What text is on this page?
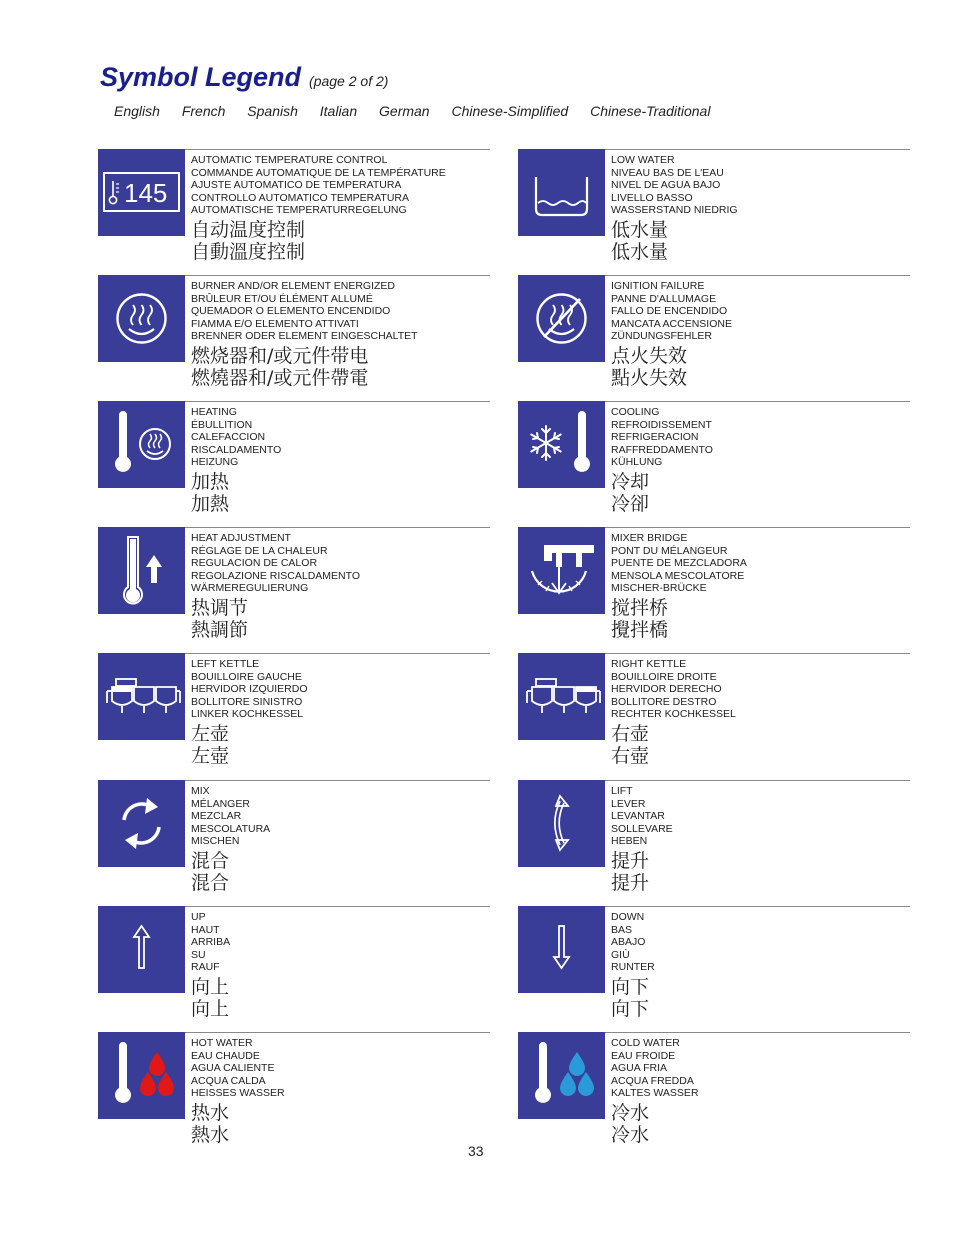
Symbol Legend (page 2 of 2)
English French Spanish Italian German Chinese-Simplified Chinese-Traditional
145
AUTOMATIC TEMPERATURE CONTROL
COMMANDE AUTOMATIQUE DE LA TEMPÉRATURE
AJUSTE AUTOMATICO DE TEMPERATURA
CONTROLLO AUTOMATICO TEMPERATURA
AUTOMATISCHE TEMPERATURREGELUNG
自动温度控制
自動溫度控制
LOW WATER
NIVEAU BAS DE L'EAU
NIVEL DE AGUA BAJO
LIVELLO BASSO
WASSERSTAND NIEDRIG
低水量
低水量
BURNER AND/OR ELEMENT ENERGIZED
BRÛLEUR ET/OU ÉLÉMENT ALLUMÉ
QUEMADOR O ELEMENTO ENCENDIDO
FIAMMA E/O ELEMENTO ATTIVATI
BRENNER ODER ELEMENT EINGESCHALTET
燃烧器和/或元件带电
燃燒器和/或元件帶電
IGNITION FAILURE
PANNE D'ALLUMAGE
FALLO DE ENCENDIDO
MANCATA ACCENSIONE
ZÜNDUNGSFEHLER
点火失效
點火失效
HEATING
ÉBULLITION
CALEFACCION
RISCALDAMENTO
HEIZUNG
加热
加熱
COOLING
REFROIDISSEMENT
REFRIGERACION
RAFFREDDAMENTO
KÜHLUNG
冷却
冷卻
HEAT ADJUSTMENT
RÉGLAGE DE LA CHALEUR
REGULACION DE CALOR
REGOLAZIONE RISCALDAMENTO
WÄRMEREGULIERUNG
热调节
熱調節
MIXER BRIDGE
PONT DU MÉLANGEUR
PUENTE DE MEZCLADORA
MENSOLA MESCOLATORE
MISCHER-BRÜCKE
搅拌桥
攪拌橋
LEFT KETTLE
BOUILLOIRE GAUCHE
HERVIDOR IZQUIERDO
BOLLITORE SINISTRO
LINKER KOCHKESSEL
左壶
左壺
RIGHT KETTLE
BOUILLOIRE DROITE
HERVIDOR DERECHO
BOLLITORE DESTRO
RECHTER KOCHKESSEL
右壶
右壺
MIX
MÉLANGER
MEZCLAR
MESCOLATURA
MISCHEN
混合
混合
LIFT
LEVER
LEVANTAR
SOLLEVARE
HEBEN
提升
提升
UP
HAUT
ARRIBA
SU
RAUF
向上
向上
DOWN
BAS
ABAJO
GIÙ
RUNTER
向下
向下
HOT WATER
EAU CHAUDE
AGUA CALIENTE
ACQUA CALDA
HEISSES WASSER
热水
熱水
COLD WATER
EAU FROIDE
AGUA FRIA
ACQUA FREDDA
KALTES WASSER
冷水
冷水
33
